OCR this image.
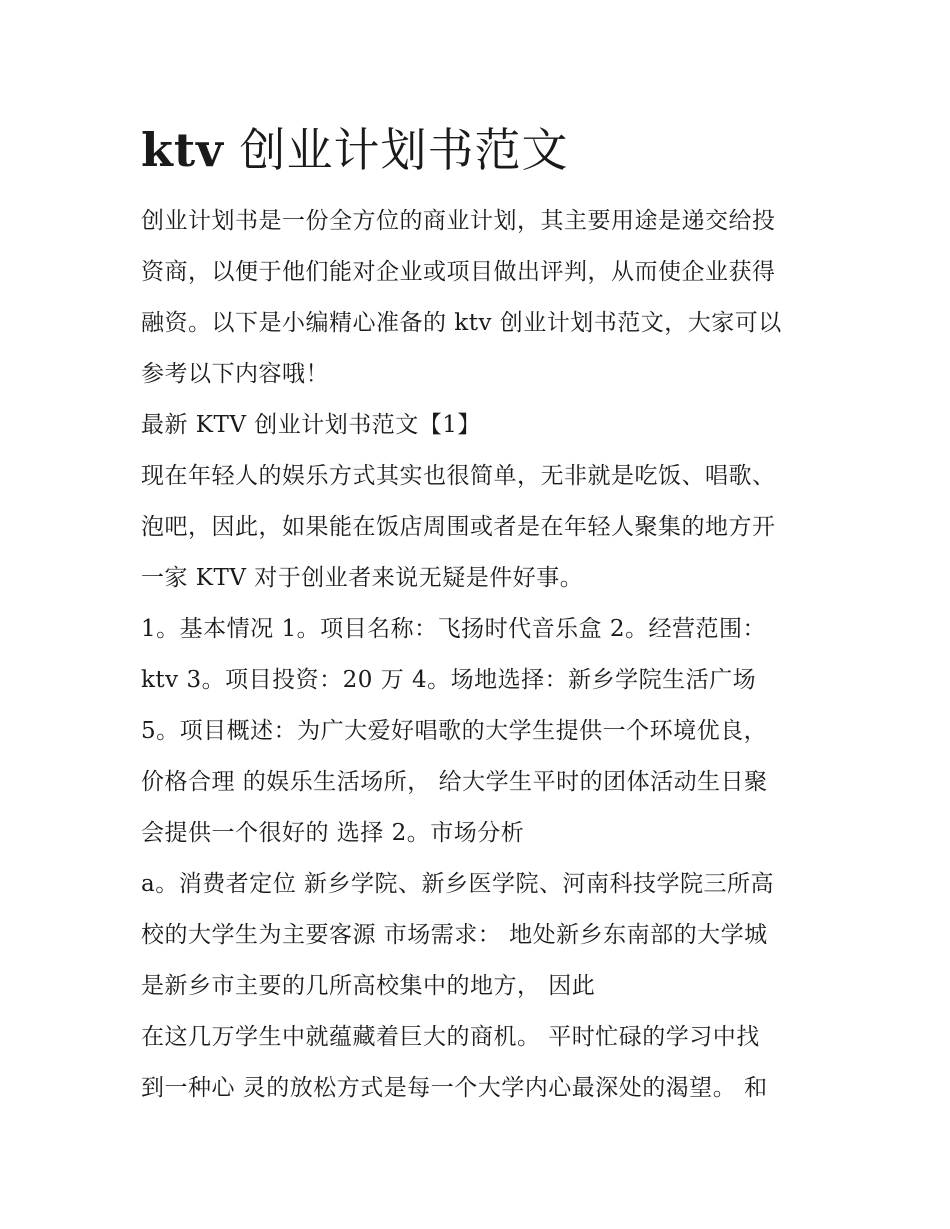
ktv 创业计划书范文

创业计划书是一份全方位的商业计划，其主要用途是递交给投

资商，以便于他们能对企业或项目做出评判，从而使企业获得

融资。以下是小编精心准备的 ktv 创业计划书范文，大家可以

参考以下内容哦！

最新 KTV 创业计划书范文【1】

现在年轻人的娱乐方式其实也很简单，无非就是吃饭、唱歌、

泡吧，因此，如果能在饭店周围或者是在年轻人聚集的地方开

一家 KTV 对于创业者来说无疑是件好事。

1。基本情况 1。项目名称：飞扬时代音乐盒 2。经营范围：

ktv 3。项目投资：20 万 4。场地选择：新乡学院生活广场

5。项目概述：为广大爱好唱歌的大学生提供一个环境优良，

价格合理 的娱乐生活场所， 给大学生平时的团体活动生日聚

会提供一个很好的 选择 2。市场分析

a。消费者定位 新乡学院、新乡医学院、河南科技学院三所高

校的大学生为主要客源 市场需求： 地处新乡东南部的大学城

是新乡市主要的几所高校集中的地方， 因此

在这几万学生中就蕴藏着巨大的商机。 平时忙碌的学习中找

到一种心 灵的放松方式是每一个大学内心最深处的渴望。 和
